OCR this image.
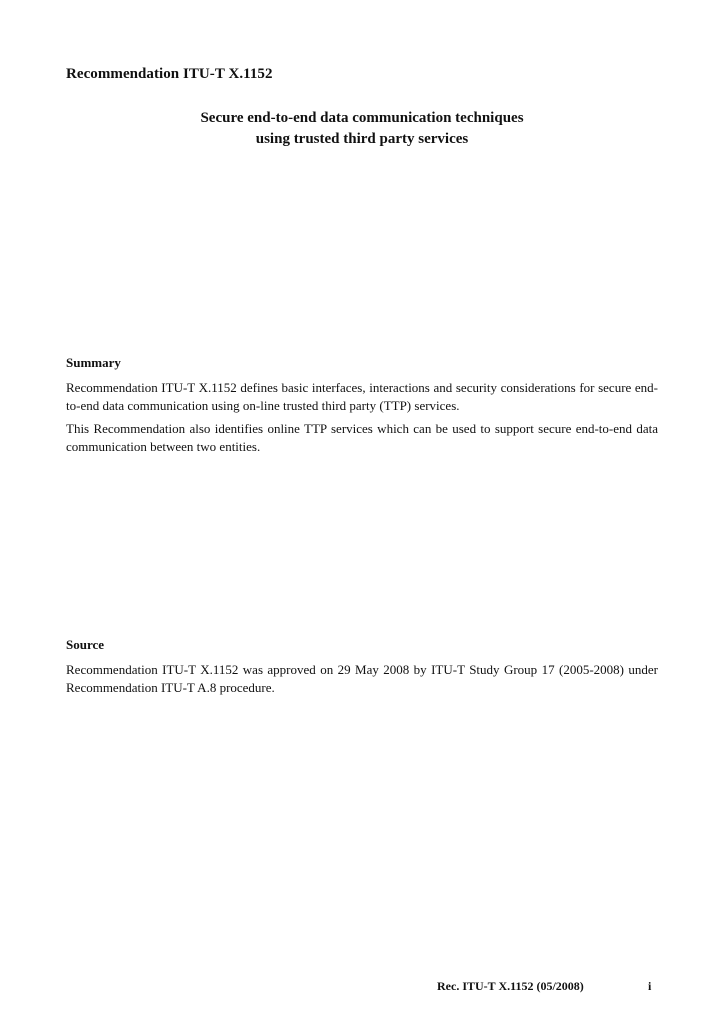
Recommendation ITU-T X.1152
Secure end-to-end data communication techniques
using trusted third party services
Summary

Recommendation ITU-T X.1152 defines basic interfaces, interactions and security considerations for secure end-to-end data communication using on-line trusted third party (TTP) services.

This Recommendation also identifies online TTP services which can be used to support secure end-to-end data communication between two entities.

Source

Recommendation ITU-T X.1152 was approved on 29 May 2008 by ITU-T Study Group 17 (2005-2008) under Recommendation ITU-T A.8 procedure.

Rec. ITU-T X.1152 (05/2008)	i
